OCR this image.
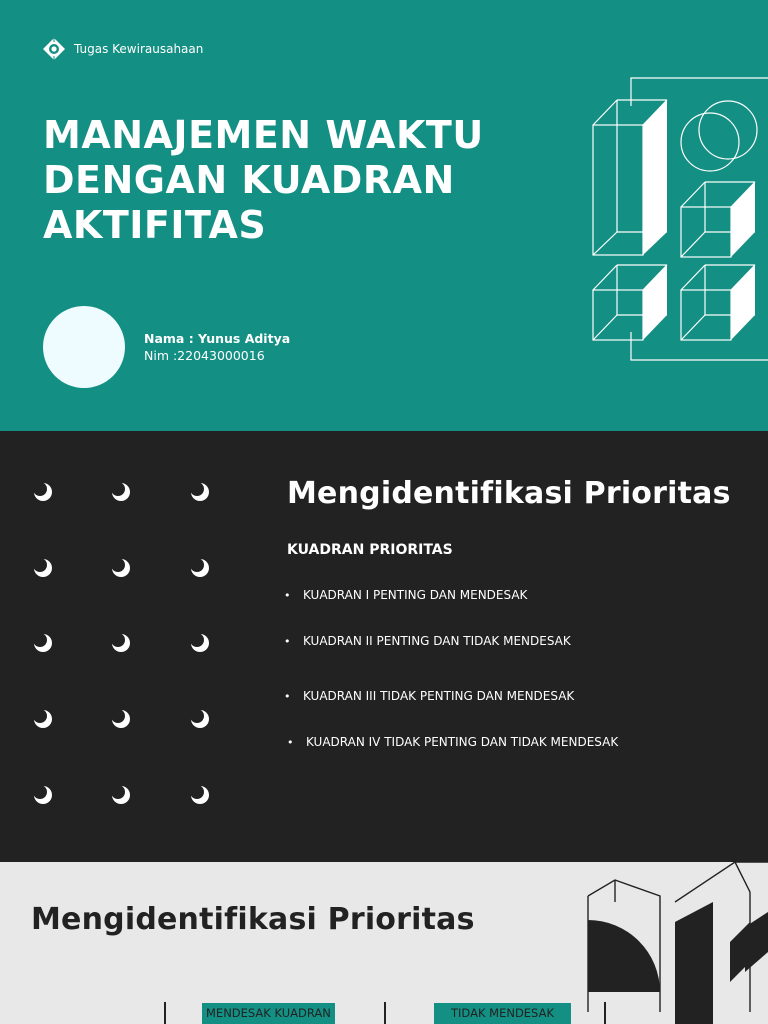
Tugas Kewirausahaan
MANAJEMEN WAKTU
DENGAN KUADRAN
AKTIFITAS
Nama : Yunus Aditya
Nim :22043000016
Mengidentifikasi Prioritas
KUADRAN PRIORITAS
• KUADRAN I PENTING DAN MENDESAK
• KUADRAN II PENTING DAN TIDAK MENDESAK
• KUADRAN III TIDAK PENTING DAN MENDESAK
• KUADRAN IV TIDAK PENTING DAN TIDAK MENDESAK
Mengidentifikasi Prioritas
MENDESAK KUADRAN	TIDAK MENDESAK
